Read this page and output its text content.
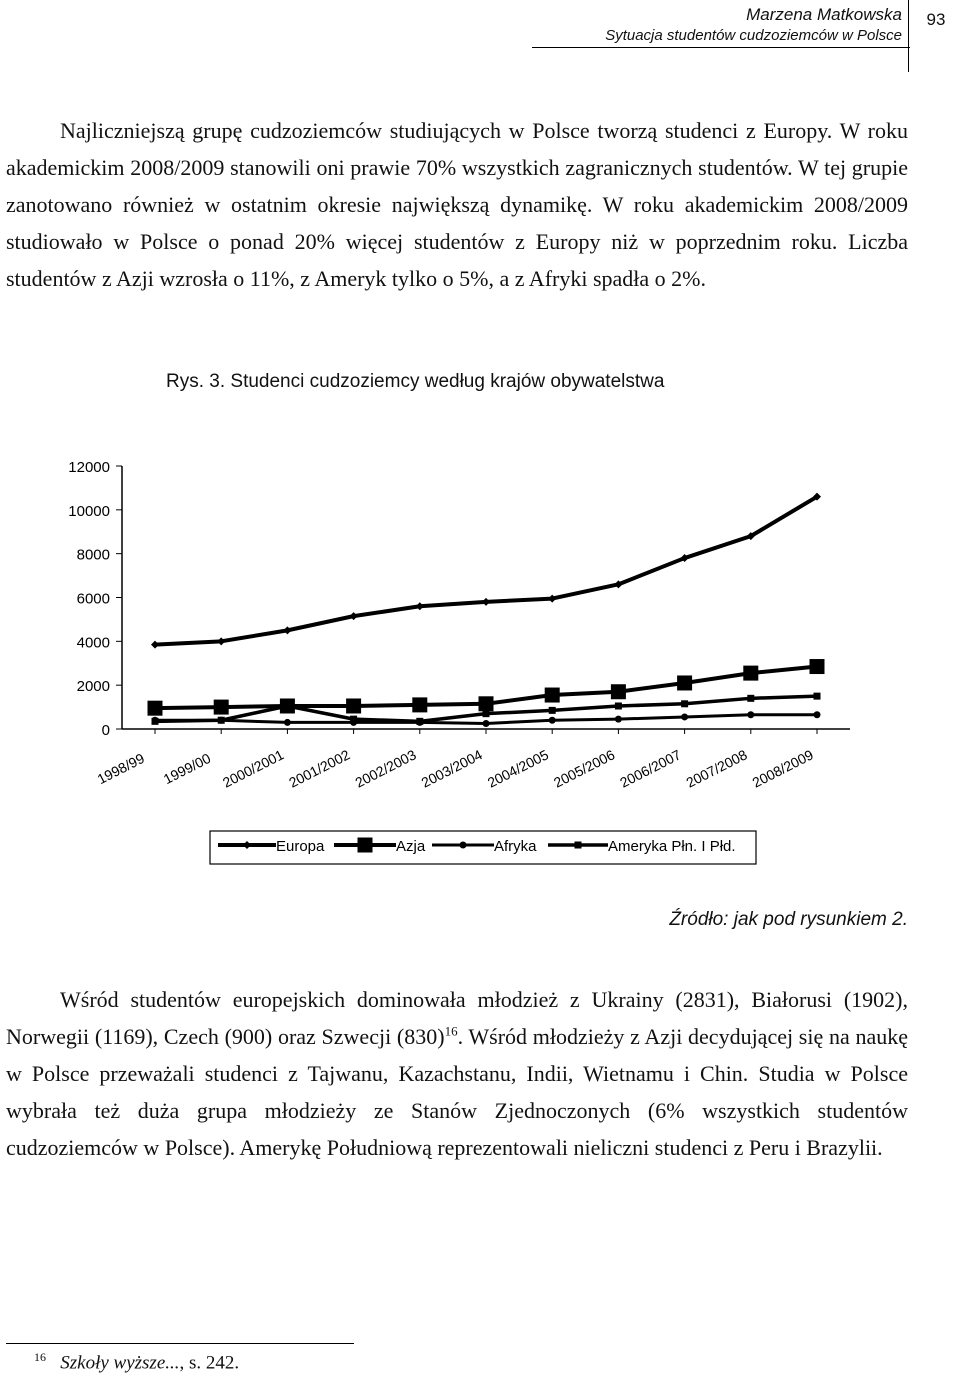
Marzena Matkowska
Sytuacja studentów cudzoziemców w Polsce
93

Najliczniejszą grupę cudzoziemców studiujących w Polsce tworzą studenci z Europy. W roku akademickim 2008/2009 stanowili oni prawie 70% wszystkich zagranicznych studentów. W tej grupie zanotowano również w ostatnim okresie największą dynamikę. W roku akademickim 2008/2009 studiowało w Polsce o ponad 20% więcej studentów z Europy niż w poprzednim roku. Liczba studentów z Azji wzrosła o 11%, z Ameryk tylko o 5%, a z Afryki spadła o 2%.

Rys. 3. Studenci cudzoziemcy według krajów obywatelstwa
0
2000
4000
6000
8000
10000
12000
1998/99 1999/00 2000/2001 2001/2002 2002/2003 2003/2004 2004/2005 2005/2006 2006/2007 2007/2008 2008/2009
Europa	Azja	Afryka	Ameryka Płn. I Płd.
Źródło: jak pod rysunkiem 2.

Wśród studentów europejskich dominowała młodzież z Ukrainy (2831), Białorusi (1902), Norwegii (1169), Czech (900) oraz Szwecji $(830)^{16}$. Wśród młodzieży z Azji decydującej się na naukę w Polsce przeważali studenci z Tajwanu, Kazachstanu, Indii, Wietnamu i Chin. Studia w Polsce wybrała też duża grupa młodzieży ze Stanów Zjednoczonych (6% wszystkich studentów cudzoziemców w Polsce). Amerykę Południową reprezentowali nieliczni studenci z Peru i Brazylii.

$^{16}$ Szkoły wyższe..., s. 242.
